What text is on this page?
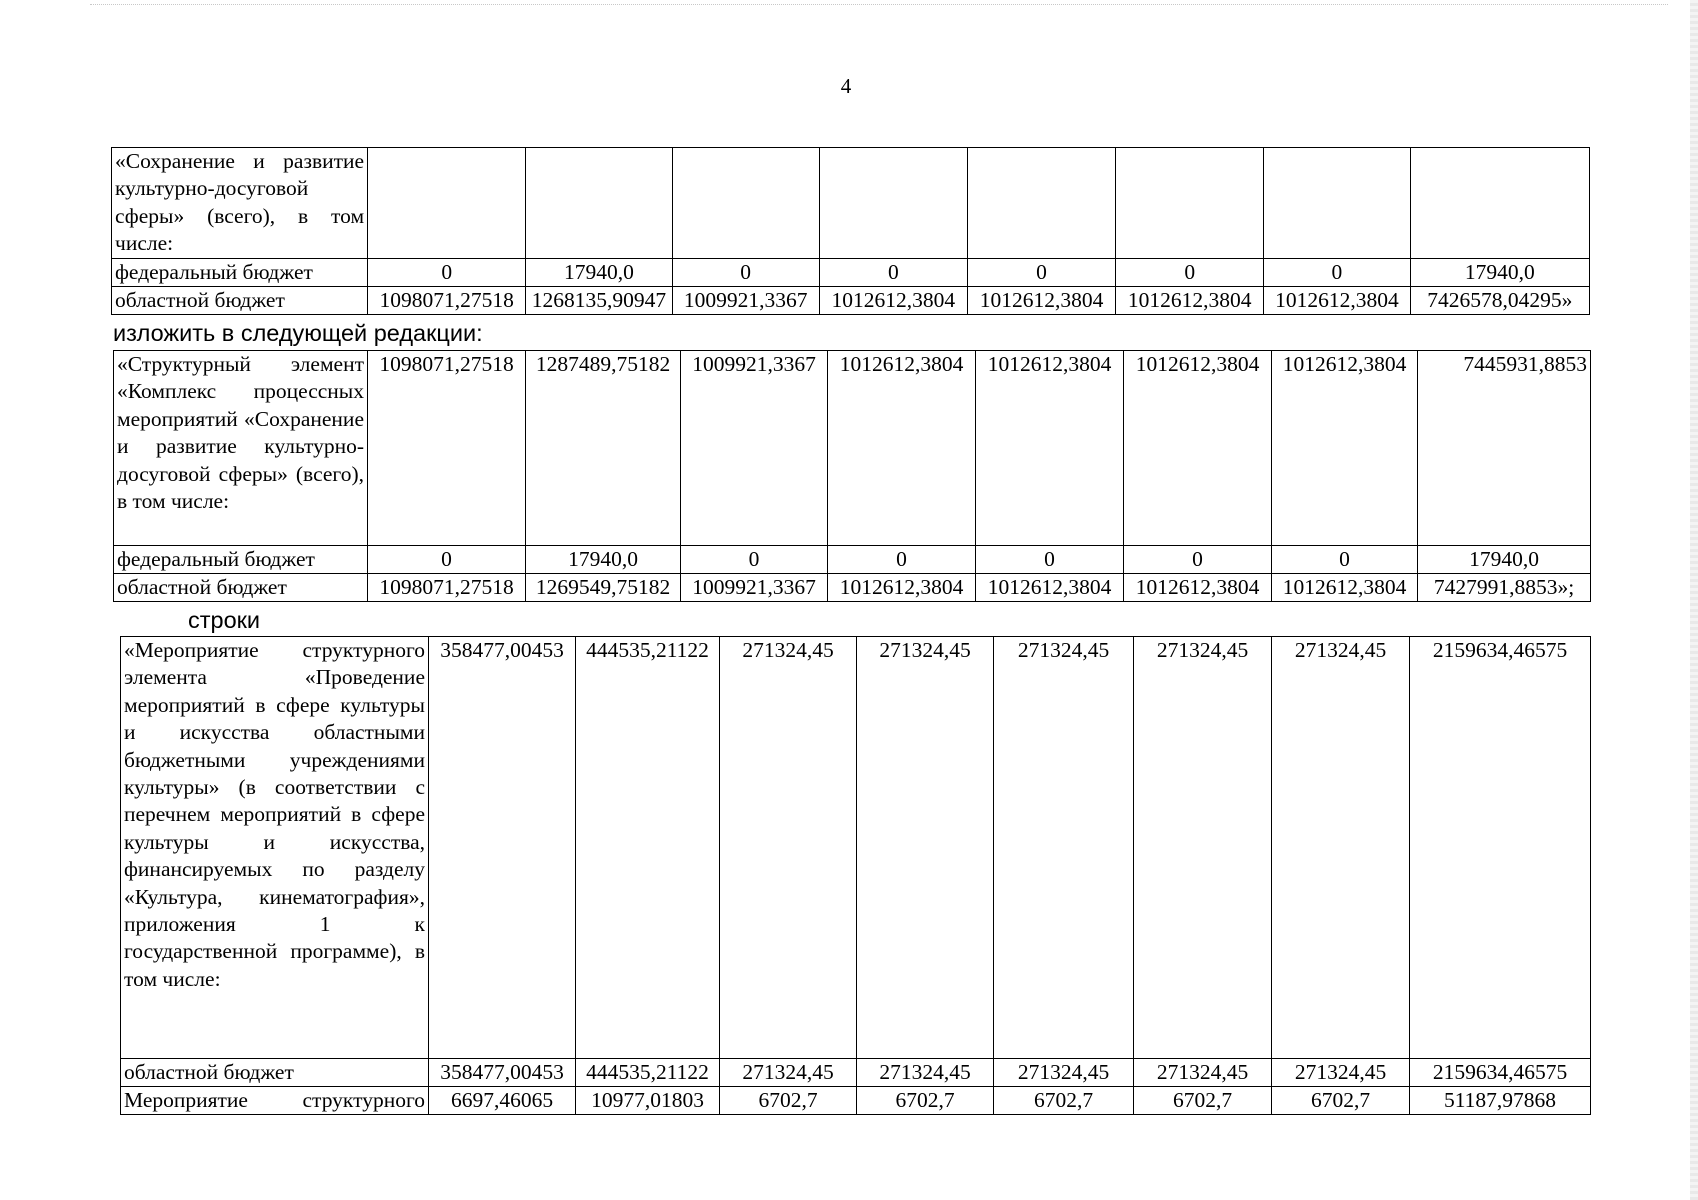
4
«Сохранение и развитие культурно-досуговой сферы» (всего), в том числе:								
федеральный бюджет	0	17940,0	0	0	0	0	0	17940,0
областной бюджет	1098071,27518	1268135,90947	1009921,3367	1012612,3804	1012612,3804	1012612,3804	1012612,3804	7426578,04295»
изложить в следующей редакции:
«Структурный элемент «Комплекс процессных мероприятий «Сохранение и развитие культурно-досуговой сферы» (всего), в том числе:	1098071,27518	1287489,75182	1009921,3367	1012612,3804	1012612,3804	1012612,3804	1012612,3804	7445931,8853
федеральный бюджет	0	17940,0	0	0	0	0	0	17940,0
областной бюджет	1098071,27518	1269549,75182	1009921,3367	1012612,3804	1012612,3804	1012612,3804	1012612,3804	7427991,8853»;
строки
«Мероприятие структурного элемента «Проведение мероприятий в сфере культуры и искусства областными бюджетными учреждениями культуры» (в соответствии с перечнем мероприятий в сфере культуры и искусства, финансируемых по разделу «Культура, кинематография», приложения 1 к государственной программе), в том числе:	358477,00453	444535,21122	271324,45	271324,45	271324,45	271324,45	271324,45	2159634,46575
областной бюджет	358477,00453	444535,21122	271324,45	271324,45	271324,45	271324,45	271324,45	2159634,46575
Мероприятие структурного	6697,46065	10977,01803	6702,7	6702,7	6702,7	6702,7	6702,7	51187,97868
